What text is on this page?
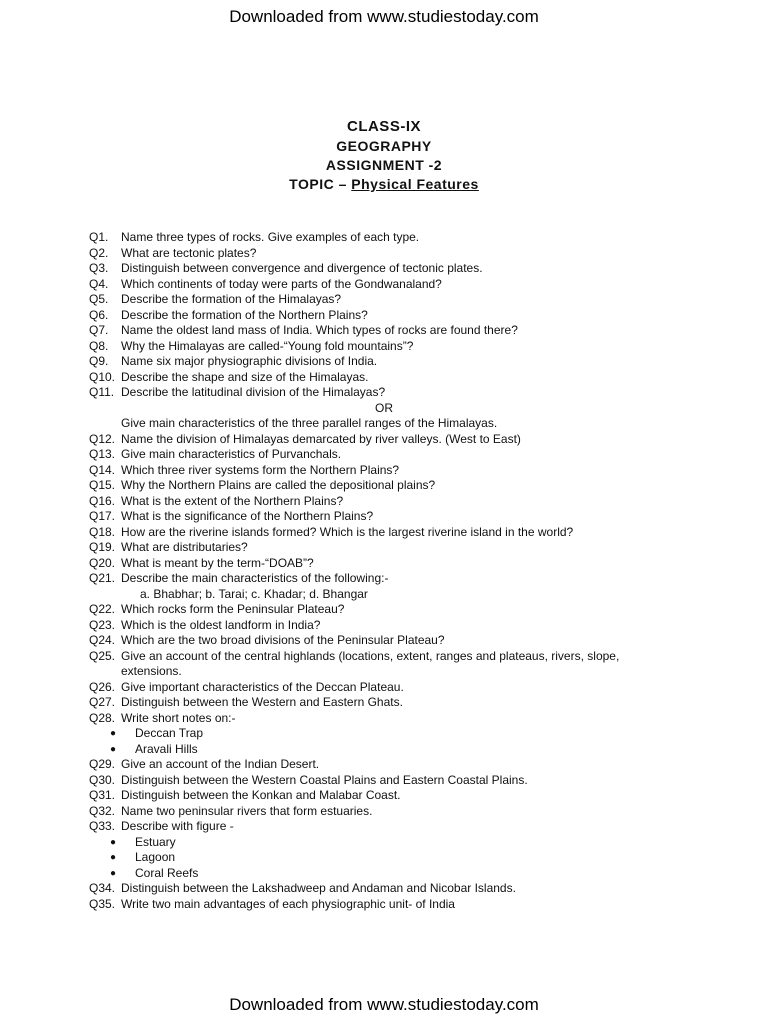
Downloaded from www.studiestoday.com
CLASS-IX
GEOGRAPHY
ASSIGNMENT -2
TOPIC – Physical Features
Q1.	Name three types of rocks. Give examples of each type.
Q2.	What are tectonic plates?
Q3.	Distinguish between convergence and divergence of tectonic plates.
Q4.	Which continents of today were parts of the Gondwanaland?
Q5.	Describe the formation of the Himalayas?
Q6.	Describe the formation of the Northern Plains?
Q7.	Name the oldest land mass of India. Which types of rocks are found there?
Q8.	Why the Himalayas are called-“Young fold mountains”?
Q9.	Name six major physiographic divisions of India.
Q10. Describe the shape and size of the Himalayas.
Q11. Describe the latitudinal division of the Himalayas?
OR
Give main characteristics of the three parallel ranges of the Himalayas.
Q12. Name the division of Himalayas demarcated by river valleys. (West to East)
Q13. Give main characteristics of Purvanchals.
Q14. Which three river systems form the Northern Plains?
Q15. Why the Northern Plains are called the depositional plains?
Q16. What is the extent of the Northern Plains?
Q17. What is the significance of the Northern Plains?
Q18. How are the riverine islands formed? Which is the largest riverine island in the world?
Q19. What are distributaries?
Q20. What is meant by the term-“DOAB”?
Q21. Describe the main characteristics of the following:-
a. Bhabhar; b. Tarai; c. Khadar; d. Bhangar
Q22. Which rocks form the Peninsular Plateau?
Q23. Which is the oldest landform in India?
Q24. Which are the two broad divisions of the Peninsular Plateau?
Q25. Give an account of the central highlands (locations, extent, ranges and plateaus, rivers, slope,
extensions.
Q26. Give important characteristics of the Deccan Plateau.
Q27. Distinguish between the Western and Eastern Ghats.
Q28. Write short notes on:-
●	Deccan Trap
●	Aravali Hills
Q29. Give an account of the Indian Desert.
Q30. Distinguish between the Western Coastal Plains and Eastern Coastal Plains.
Q31. Distinguish between the Konkan and Malabar Coast.
Q32. Name two peninsular rivers that form estuaries.
Q33. Describe with figure -
●	Estuary
●	Lagoon
●	Coral Reefs
Q34. Distinguish between the Lakshadweep and Andaman and Nicobar Islands.
Q35. Write two main advantages of each physiographic unit- of India
Downloaded from www.studiestoday.com
